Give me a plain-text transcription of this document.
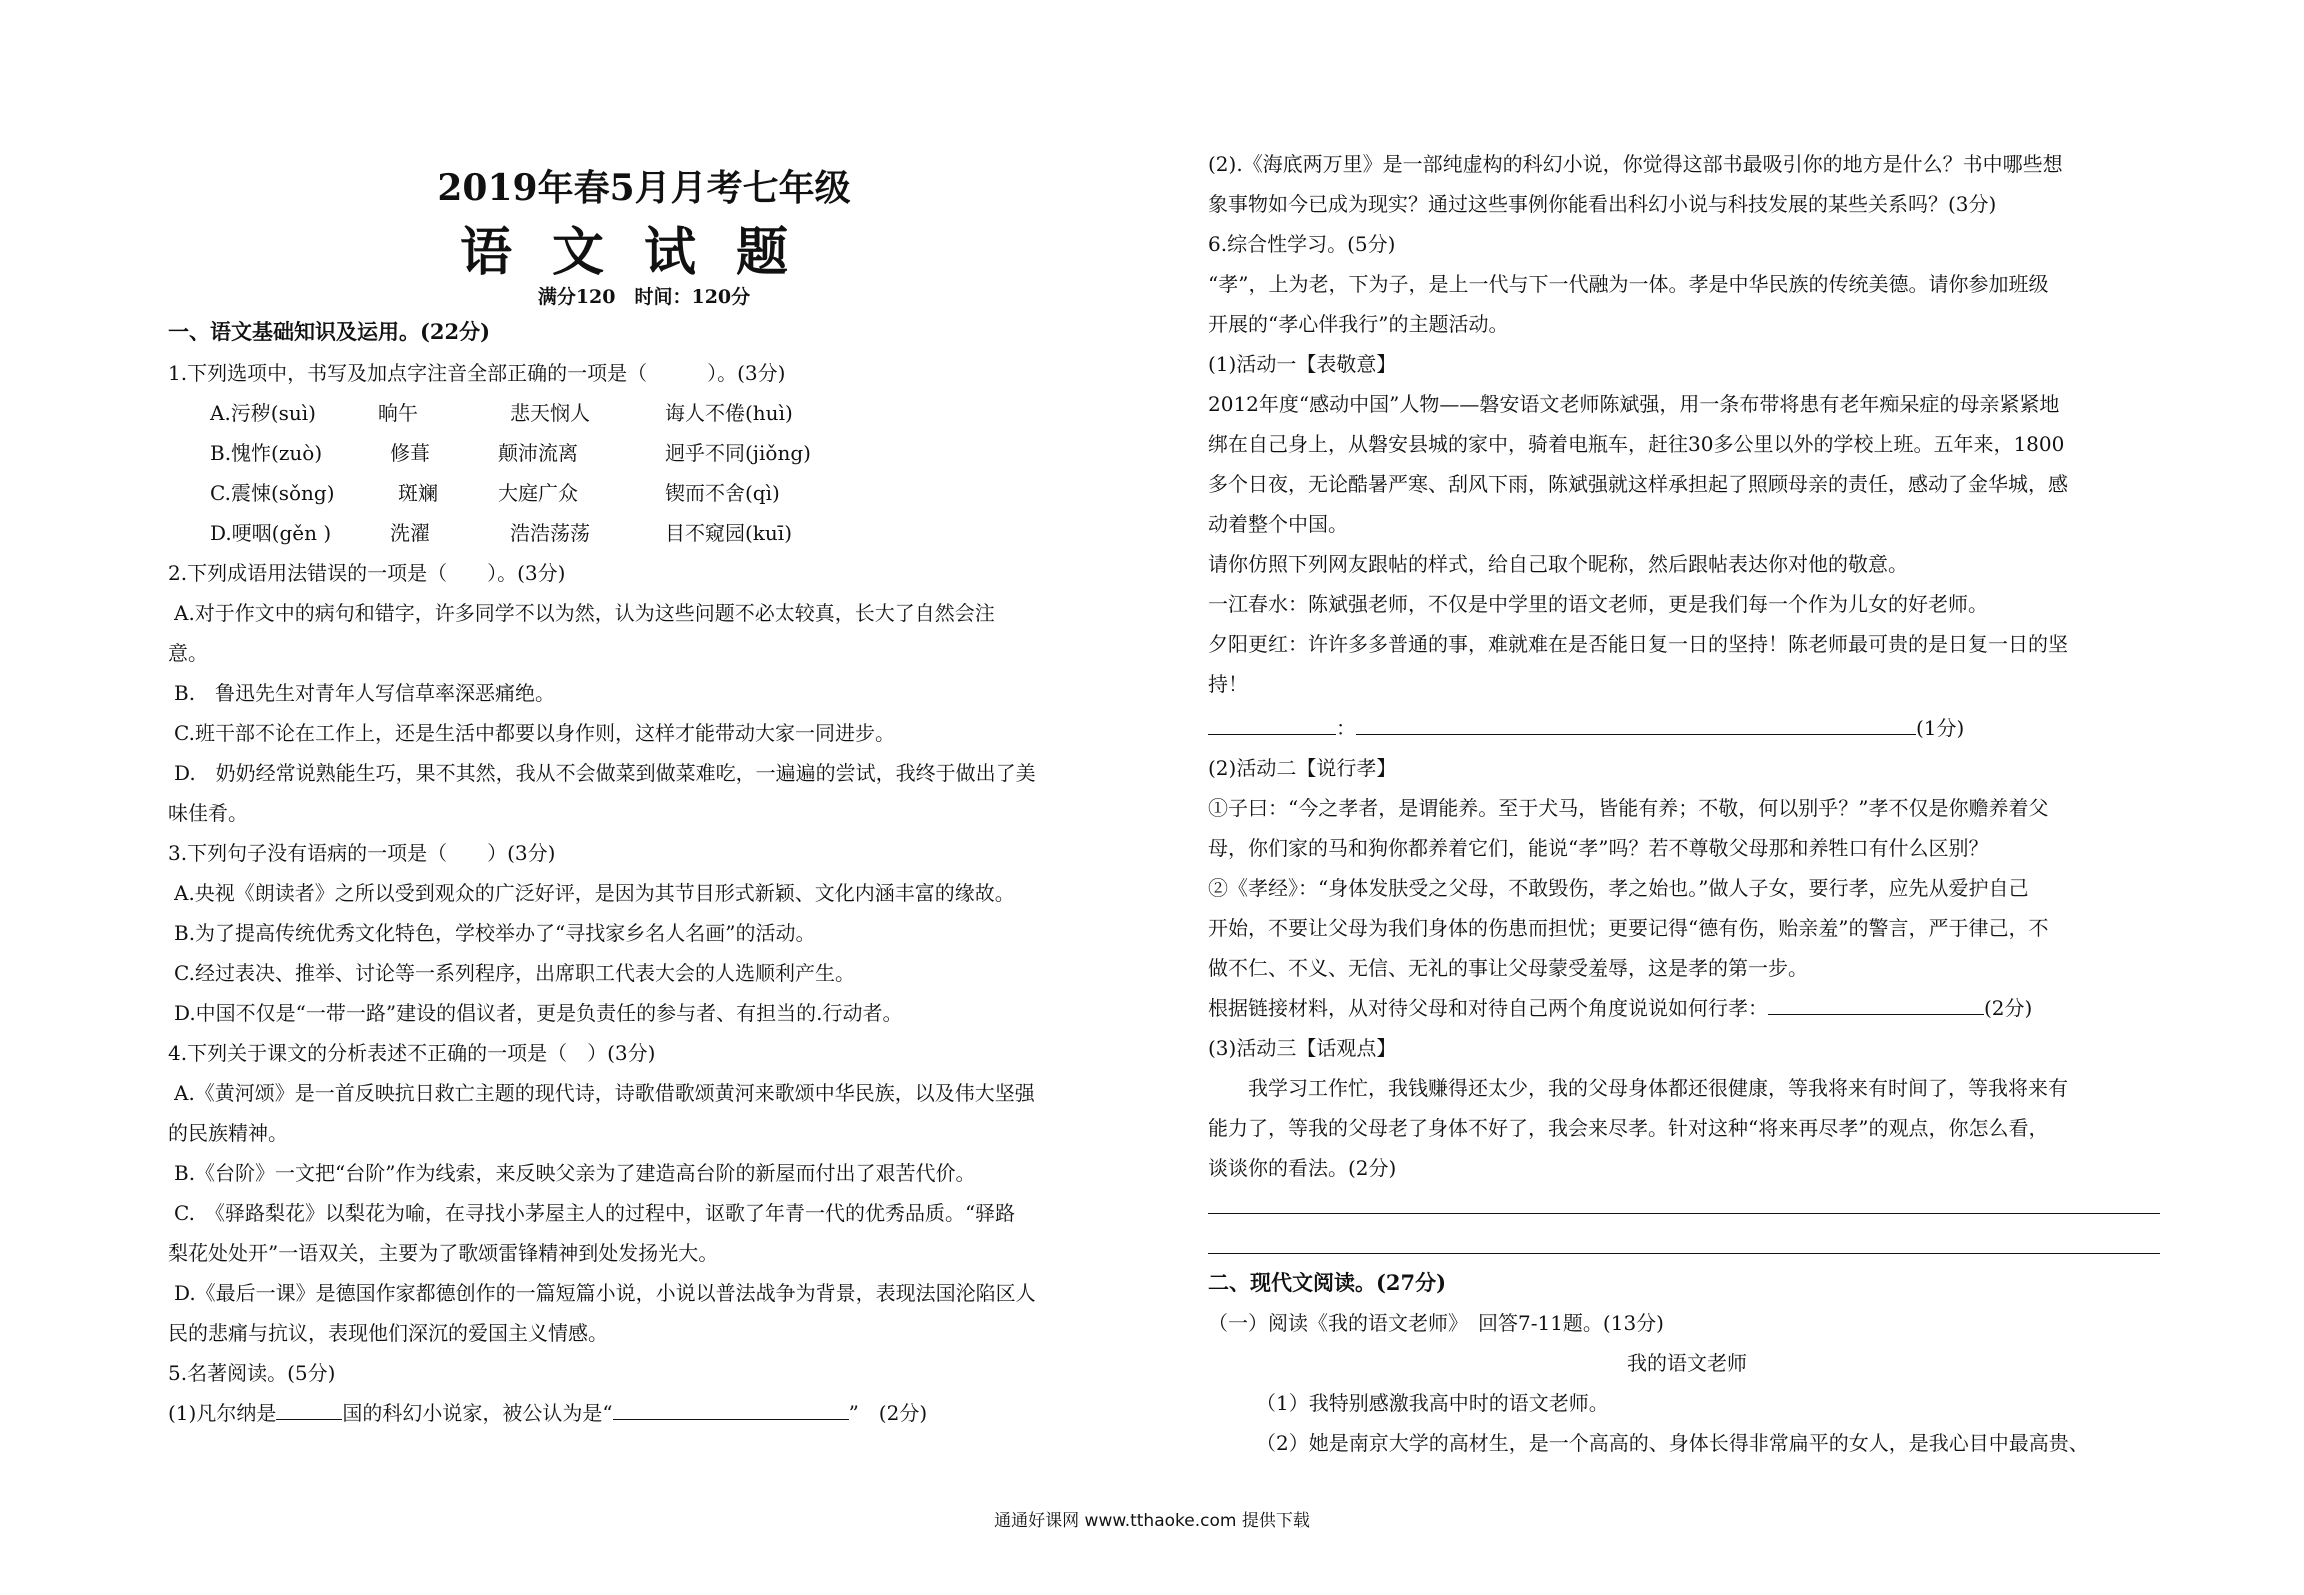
2019年春5月月考七年级
语文试题
满分120　时间：120分
一、语文基础知识及运用。(22分)
1.下列选项中，书写及加点字注音全部正确的一项是（　　　）。(3分)
A.污秽(suì)	晌午	悲天悯人	诲人不倦(huì)
B.愧怍(zuò)	修葺	颠沛流离	迥乎不同(jiǒng)
C.震悚(sǒng)	斑斓	大庭广众	锲而不舍(qì)
D.哽咽(gěn )	洗濯	浩浩荡荡	目不窥园(kuī)
2.下列成语用法错误的一项是（　　）。(3分)
A.对于作文中的病句和错字，许多同学不以为然，认为这些问题不必太较真，长大了自然会注
意。
B.　鲁迅先生对青年人写信草率深恶痛绝。
C.班干部不论在工作上，还是生活中都要以身作则，这样才能带动大家一同进步。
D.　奶奶经常说熟能生巧，果不其然，我从不会做菜到做菜难吃，一遍遍的尝试，我终于做出了美
味佳肴。
3.下列句子没有语病的一项是（　　）(3分)
A.央视《朗读者》之所以受到观众的广泛好评，是因为其节目形式新颖、文化内涵丰富的缘故。
B.为了提高传统优秀文化特色，学校举办了“寻找家乡名人名画”的活动。
C.经过表决、推举、讨论等一系列程序，出席职工代表大会的人选顺利产生。
D.中国不仅是“一带一路”建设的倡议者，更是负责任的参与者、有担当的.行动者。
4.下列关于课文的分析表述不正确的一项是（　）(3分)
A.《黄河颂》是一首反映抗日救亡主题的现代诗，诗歌借歌颂黄河来歌颂中华民族，以及伟大坚强
的民族精神。
B.《台阶》一文把“台阶”作为线索，来反映父亲为了建造高台阶的新屋而付出了艰苦代价。
C.　《驿路梨花》以梨花为喻，在寻找小茅屋主人的过程中，讴歌了年青一代的优秀品质。“驿路
梨花处处开”一语双关，主要为了歌颂雷锋精神到处发扬光大。
D.《最后一课》是德国作家都德创作的一篇短篇小说，小说以普法战争为背景，表现法国沦陷区人
民的悲痛与抗议，表现他们深沉的爱国主义情感。
5.名著阅读。(5分)
(1)凡尔纳是	国的科幻小说家，被公认为是“	”　(2分)
(2).《海底两万里》是一部纯虚构的科幻小说，你觉得这部书最吸引你的地方是什么？书中哪些想
象事物如今已成为现实？通过这些事例你能看出科幻小说与科技发展的某些关系吗？(3分)
6.综合性学习。(5分)
“孝”，上为老，下为子，是上一代与下一代融为一体。孝是中华民族的传统美德。请你参加班级
开展的“孝心伴我行”的主题活动。
(1)活动一【表敬意】
2012年度“感动中国”人物——磐安语文老师陈斌强，用一条布带将患有老年痴呆症的母亲紧紧地
绑在自己身上，从磐安县城的家中，骑着电瓶车，赶往30多公里以外的学校上班。五年来，1800
多个日夜，无论酷暑严寒、刮风下雨，陈斌强就这样承担起了照顾母亲的责任，感动了金华城，感
动着整个中国。
请你仿照下列网友跟帖的样式，给自己取个昵称，然后跟帖表达你对他的敬意。
一江春水：陈斌强老师，不仅是中学里的语文老师，更是我们每一个作为儿女的好老师。
夕阳更红：许许多多普通的事，难就难在是否能日复一日的坚持！陈老师最可贵的是日复一日的坚
持！
：	(1分)
(2)活动二【说行孝】
①子曰：“今之孝者，是谓能养。至于犬马，皆能有养；不敬，何以别乎？”孝不仅是你赡养着父
母，你们家的马和狗你都养着它们，能说“孝”吗？若不尊敬父母那和养牲口有什么区别？
②《孝经》：“身体发肤受之父母，不敢毁伤，孝之始也。”做人子女，要行孝，应先从爱护自己
开始，不要让父母为我们身体的伤患而担忧；更要记得“德有伤，贻亲羞”的警言，严于律己，不
做不仁、不义、无信、无礼的事让父母蒙受羞辱，这是孝的第一步。
根据链接材料，从对待父母和对待自己两个角度说说如何行孝：	(2分)
(3)活动三【话观点】
　　我学习工作忙，我钱赚得还太少，我的父母身体都还很健康，等我将来有时间了，等我将来有
能力了，等我的父母老了身体不好了，我会来尽孝。针对这种“将来再尽孝”的观点，你怎么看，
谈谈你的看法。(2分)
二、现代文阅读。(27分)
（一）阅读《我的语文老师》　回答7-11题。(13分)
我的语文老师
（1）我特别感激我高中时的语文老师。
（2）她是南京大学的高材生，是一个高高的、身体长得非常扁平的女人，是我心目中最高贵、
通通好课网 www.tthaoke.com 提供下载
